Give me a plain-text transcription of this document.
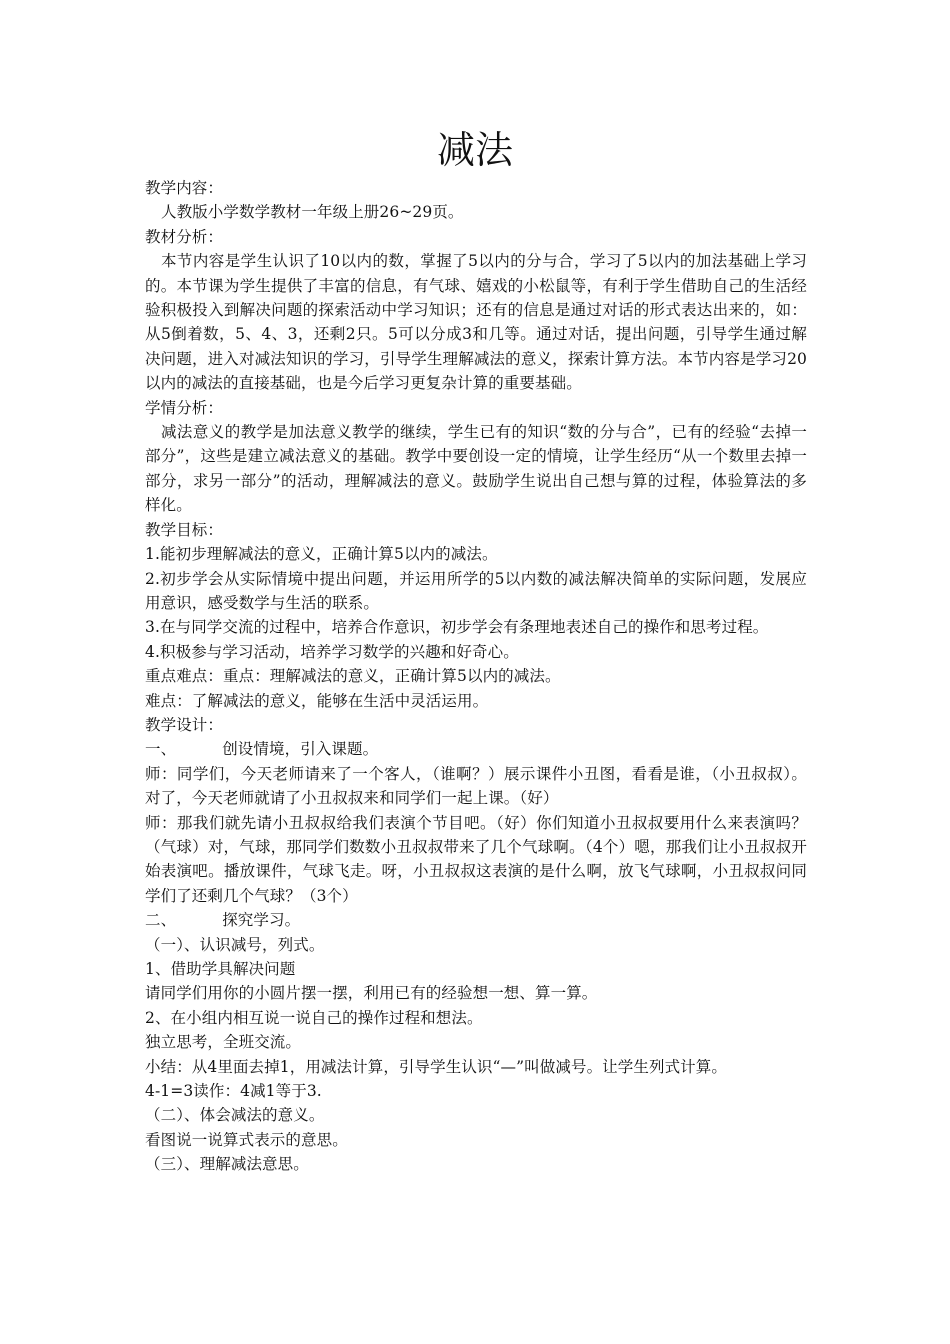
减法

教学内容：

人教版小学数学教材一年级上册26~29页。

教材分析：

本节内容是学生认识了10以内的数，掌握了5以内的分与合，学习了5以内的加法基础上学习的。本节课为学生提供了丰富的信息，有气球、嬉戏的小松鼠等，有利于学生借助自己的生活经验积极投入到解决问题的探索活动中学习知识；还有的信息是通过对话的形式表达出来的，如：从5倒着数，5、4、3，还剩2只。5可以分成3和几等。通过对话，提出问题，引导学生通过解决问题，进入对减法知识的学习，引导学生理解减法的意义，探索计算方法。本节内容是学习20以内的减法的直接基础，也是今后学习更复杂计算的重要基础。

学情分析：

减法意义的教学是加法意义教学的继续，学生已有的知识“数的分与合”，已有的经验“去掉一部分”，这些是建立减法意义的基础。教学中要创设一定的情境，让学生经历“从一个数里去掉一部分，求另一部分”的活动，理解减法的意义。鼓励学生说出自己想与算的过程，体验算法的多样化。

教学目标：

1.能初步理解减法的意义，正确计算5以内的减法。

2.初步学会从实际情境中提出问题，并运用所学的5以内数的减法解决简单的实际问题，发展应用意识，感受数学与生活的联系。

3.在与同学交流的过程中，培养合作意识，初步学会有条理地表述自己的操作和思考过程。

4.积极参与学习活动，培养学习数学的兴趣和好奇心。

重点难点：重点：理解减法的意义，正确计算5以内的减法。

难点：了解减法的意义，能够在生活中灵活运用。

教学设计：

一、	创设情境，引入课题。

师：同学们，今天老师请来了一个客人，（谁啊？）展示课件小丑图，看看是谁，（小丑叔叔）。对了，今天老师就请了小丑叔叔来和同学们一起上课。（好）

师：那我们就先请小丑叔叔给我们表演个节目吧。（好）你们知道小丑叔叔要用什么来表演吗？（气球）对，气球，那同学们数数小丑叔叔带来了几个气球啊。（4个）嗯，那我们让小丑叔叔开始表演吧。播放课件，气球飞走。呀，小丑叔叔这表演的是什么啊，放飞气球啊，小丑叔叔问同学们了还剩几个气球？（3个）

二、	探究学习。

（一）、认识减号，列式。

1、借助学具解决问题

请同学们用你的小圆片摆一摆，利用已有的经验想一想、算一算。

2、在小组内相互说一说自己的操作过程和想法。

独立思考，全班交流。

小结：从4里面去掉1，用减法计算，引导学生认识“—”叫做减号。让学生列式计算。

4-1=3读作：4减1等于3.

（二）、体会减法的意义。

看图说一说算式表示的意思。

（三）、理解减法意思。
